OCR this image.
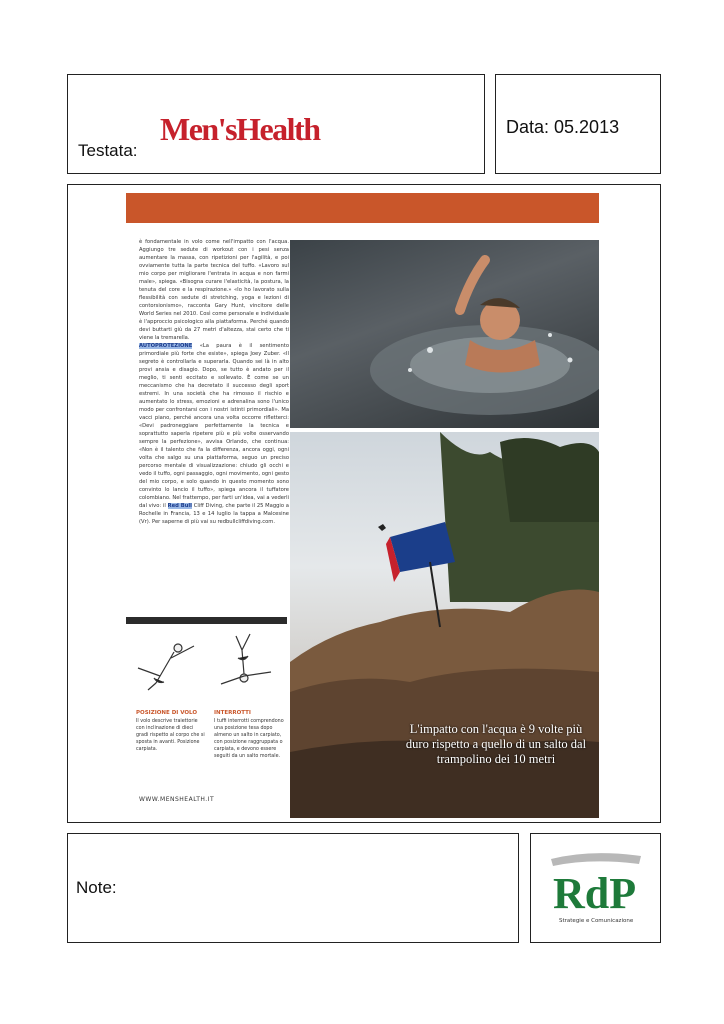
Testata:
Men'sHealth	Data: 05.2013
è fondamentale in volo come nell'impatto con l'acqua. Aggiungo tre sedute di workout con i pesi senza aumentare la massa, con ripetizioni per l'agilità, e poi ovviamente tutta la parte tecnica del tuffo. «Lavoro sul mio corpo per migliorare l'entrata in acqua e non farmi male», spiega. «Bisogna curare l'elasticità, la postura, la tenuta del core e la respirazione.» «Io ho lavorato sulla flessibilità con sedute di stretching, yoga e lezioni di contorsionismo», racconta Gary Hunt, vincitore delle World Series nel 2010. Così come personale e individuale è l'approccio psicologico alla piattaforma. Perché quando devi buttarti giù da 27 metri d'altezza, stai certo che ti viene la tremarella.
AUTOPROTEZIONE «La paura è il sentimento primordiale più forte che esiste», spiega Joey Zuber. «Il segreto è controllarla e superarla. Quando sei là in alto provi ansia e disagio. Dopo, se tutto è andato per il meglio, ti senti eccitato e sollevato. È come se un meccanismo che ha decretato il successo degli sport estremi. In una società che ha rimosso il rischio e aumentato lo stress, emozioni e adrenalina sono l'unico modo per confrontarsi con i nostri istinti primordiali». Ma vacci piano, perché ancora una volta occorre rifletterci: «Devi padroneggiare perfettamente la tecnica e soprattutto saperla ripetere più e più volte osservando sempre la perfezione», avvisa Orlando, che continua: «Non è il talento che fa la differenza, ancora oggi, ogni volta che salgo su una piattaforma, seguo un preciso percorso mentale di visualizzazione: chiudo gli occhi e vedo il tuffo, ogni passaggio, ogni movimento, ogni gesto del mio corpo, e solo quando in questo momento sono convinto lo lancio il tuffo», spiega ancora il tuffatore colombiano. Nel frattempo, per farti un'idea, vai a vederli dal vivo: il Red Bull Cliff Diving, che parte il 25 Maggio a Rochelle in Francia, 13 e 14 luglio la tappa a Malcesine (Vr). Per saperne di più vai su redbullcliffdiving.com.
L'impatto con l'acqua è 9 volte più duro rispetto a quello di un salto dal trampolino dei 10 metri
POSIZIONE DI VOLO
Il volo descrive traiettorie con inclinazione di dieci gradi rispetto al corpo che si sposta in avanti. Posizione carpiata.
INTERROTTI
I tuffi interrotti comprendono una posizione tesa dopo almeno un salto in carpiato, con posizione raggruppata o carpiata, e devono essere seguiti da un salto mortale.
WWW.MENSHEALTH.IT
Note:	RdP
Strategie e Comunicazione
